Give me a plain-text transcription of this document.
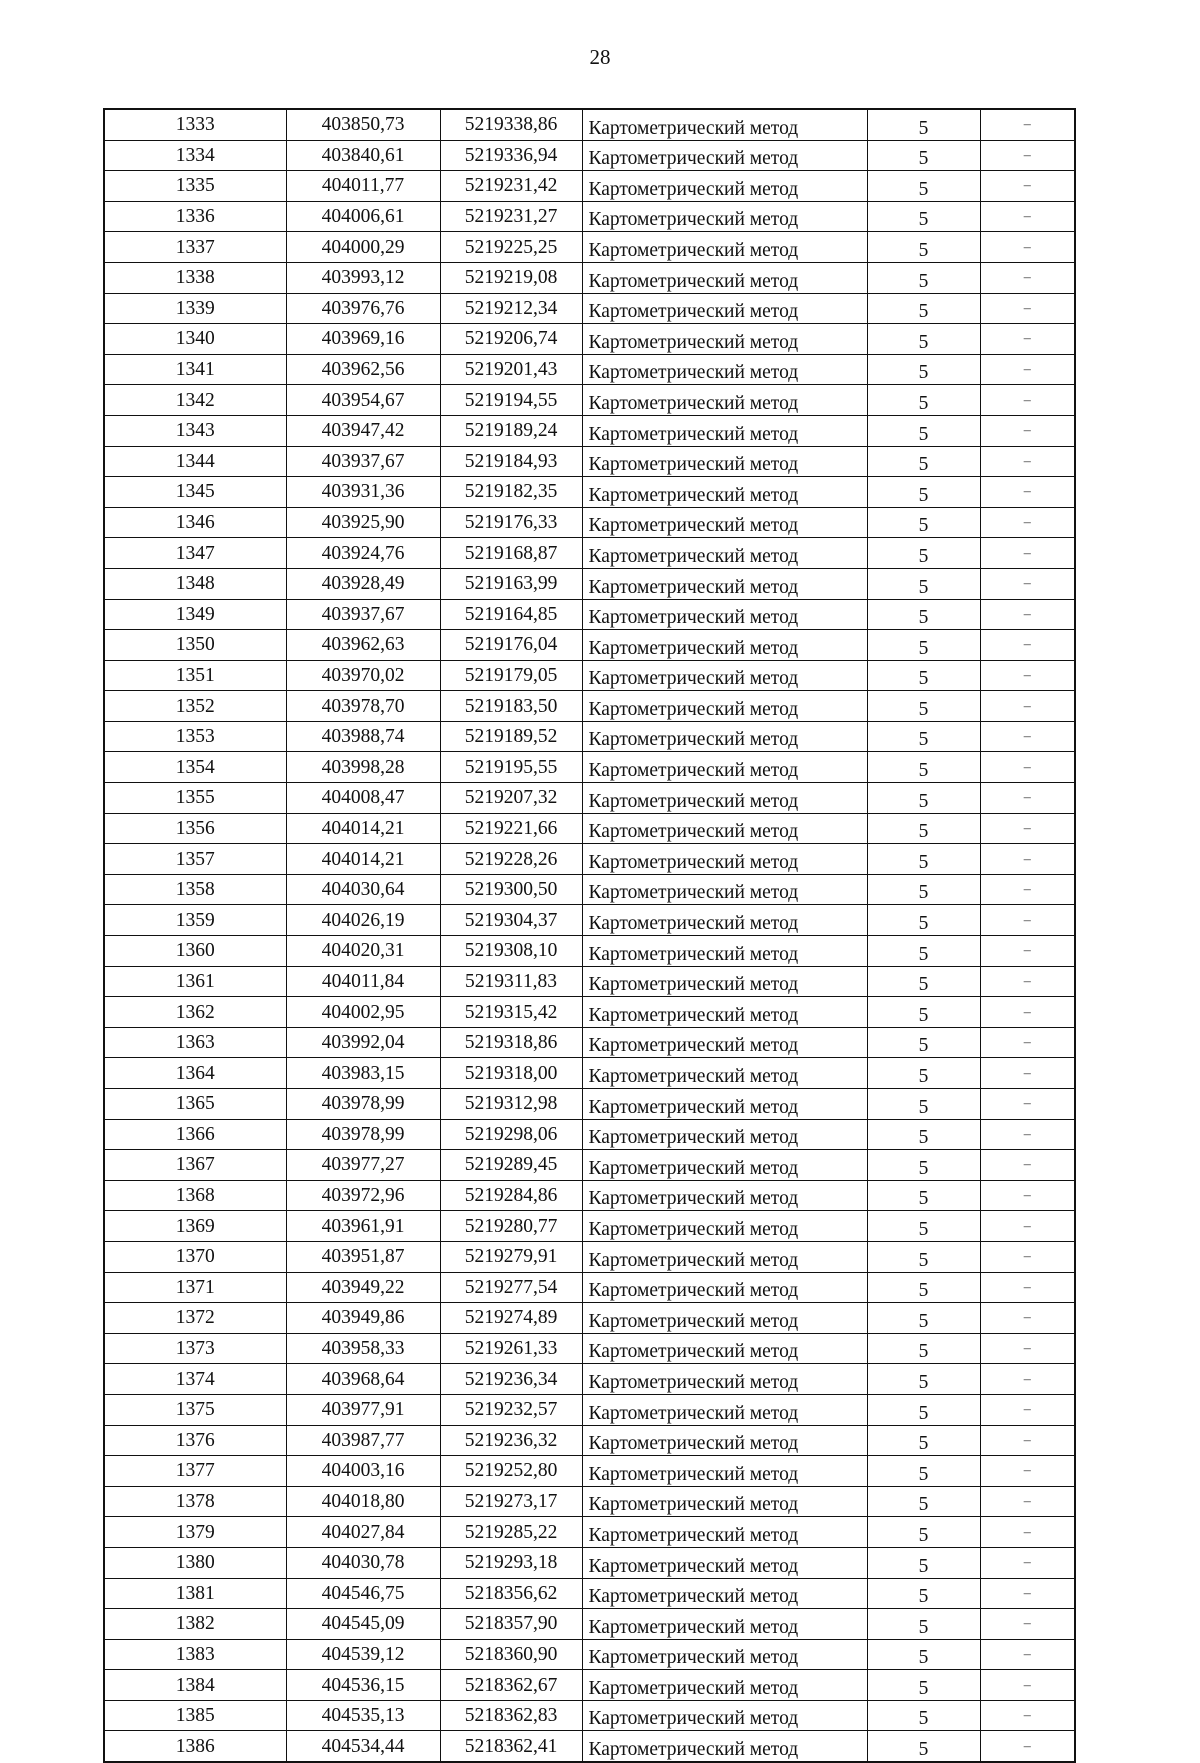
28
1333	403850,73	5219338,86	Картометрический метод	5	–
1334	403840,61	5219336,94	Картометрический метод	5	–
1335	404011,77	5219231,42	Картометрический метод	5	–
1336	404006,61	5219231,27	Картометрический метод	5	–
1337	404000,29	5219225,25	Картометрический метод	5	–
1338	403993,12	5219219,08	Картометрический метод	5	–
1339	403976,76	5219212,34	Картометрический метод	5	–
1340	403969,16	5219206,74	Картометрический метод	5	–
1341	403962,56	5219201,43	Картометрический метод	5	–
1342	403954,67	5219194,55	Картометрический метод	5	–
1343	403947,42	5219189,24	Картометрический метод	5	–
1344	403937,67	5219184,93	Картометрический метод	5	–
1345	403931,36	5219182,35	Картометрический метод	5	–
1346	403925,90	5219176,33	Картометрический метод	5	–
1347	403924,76	5219168,87	Картометрический метод	5	–
1348	403928,49	5219163,99	Картометрический метод	5	–
1349	403937,67	5219164,85	Картометрический метод	5	–
1350	403962,63	5219176,04	Картометрический метод	5	–
1351	403970,02	5219179,05	Картометрический метод	5	–
1352	403978,70	5219183,50	Картометрический метод	5	–
1353	403988,74	5219189,52	Картометрический метод	5	–
1354	403998,28	5219195,55	Картометрический метод	5	–
1355	404008,47	5219207,32	Картометрический метод	5	–
1356	404014,21	5219221,66	Картометрический метод	5	–
1357	404014,21	5219228,26	Картометрический метод	5	–
1358	404030,64	5219300,50	Картометрический метод	5	–
1359	404026,19	5219304,37	Картометрический метод	5	–
1360	404020,31	5219308,10	Картометрический метод	5	–
1361	404011,84	5219311,83	Картометрический метод	5	–
1362	404002,95	5219315,42	Картометрический метод	5	–
1363	403992,04	5219318,86	Картометрический метод	5	–
1364	403983,15	5219318,00	Картометрический метод	5	–
1365	403978,99	5219312,98	Картометрический метод	5	–
1366	403978,99	5219298,06	Картометрический метод	5	–
1367	403977,27	5219289,45	Картометрический метод	5	–
1368	403972,96	5219284,86	Картометрический метод	5	–
1369	403961,91	5219280,77	Картометрический метод	5	–
1370	403951,87	5219279,91	Картометрический метод	5	–
1371	403949,22	5219277,54	Картометрический метод	5	–
1372	403949,86	5219274,89	Картометрический метод	5	–
1373	403958,33	5219261,33	Картометрический метод	5	–
1374	403968,64	5219236,34	Картометрический метод	5	–
1375	403977,91	5219232,57	Картометрический метод	5	–
1376	403987,77	5219236,32	Картометрический метод	5	–
1377	404003,16	5219252,80	Картометрический метод	5	–
1378	404018,80	5219273,17	Картометрический метод	5	–
1379	404027,84	5219285,22	Картометрический метод	5	–
1380	404030,78	5219293,18	Картометрический метод	5	–
1381	404546,75	5218356,62	Картометрический метод	5	–
1382	404545,09	5218357,90	Картометрический метод	5	–
1383	404539,12	5218360,90	Картометрический метод	5	–
1384	404536,15	5218362,67	Картометрический метод	5	–
1385	404535,13	5218362,83	Картометрический метод	5	–
1386	404534,44	5218362,41	Картометрический метод	5	–
